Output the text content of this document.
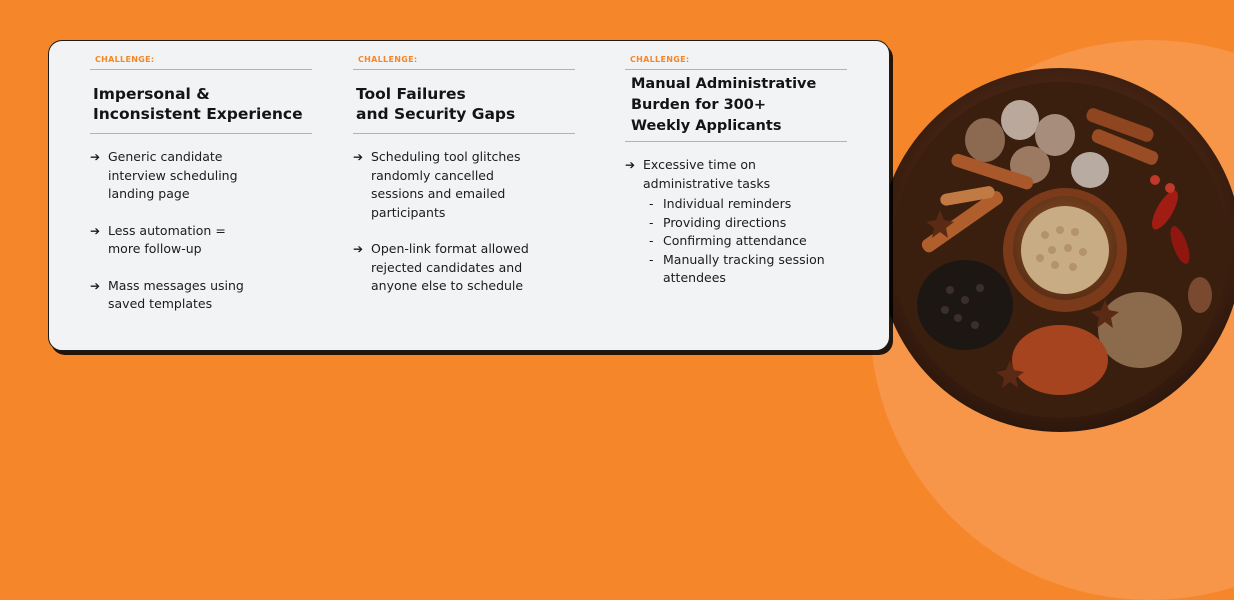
CHALLENGE:
Impersonal &
Inconsistent Experience
➔ Generic candidate
interview scheduling
landing page
➔ Less automation =
more follow-up
➔ Mass messages using
saved templates
CHALLENGE:
Tool Failures
and Security Gaps
➔ Scheduling tool glitches
randomly cancelled
sessions and emailed
participants
➔ Open-link format allowed
rejected candidates and
anyone else to schedule
CHALLENGE:
Manual Administrative
Burden for 300+
Weekly Applicants
➔ Excessive time on
administrative tasks
- Individual reminders
- Providing directions
- Confirming attendance
- Manually tracking session
attendees
